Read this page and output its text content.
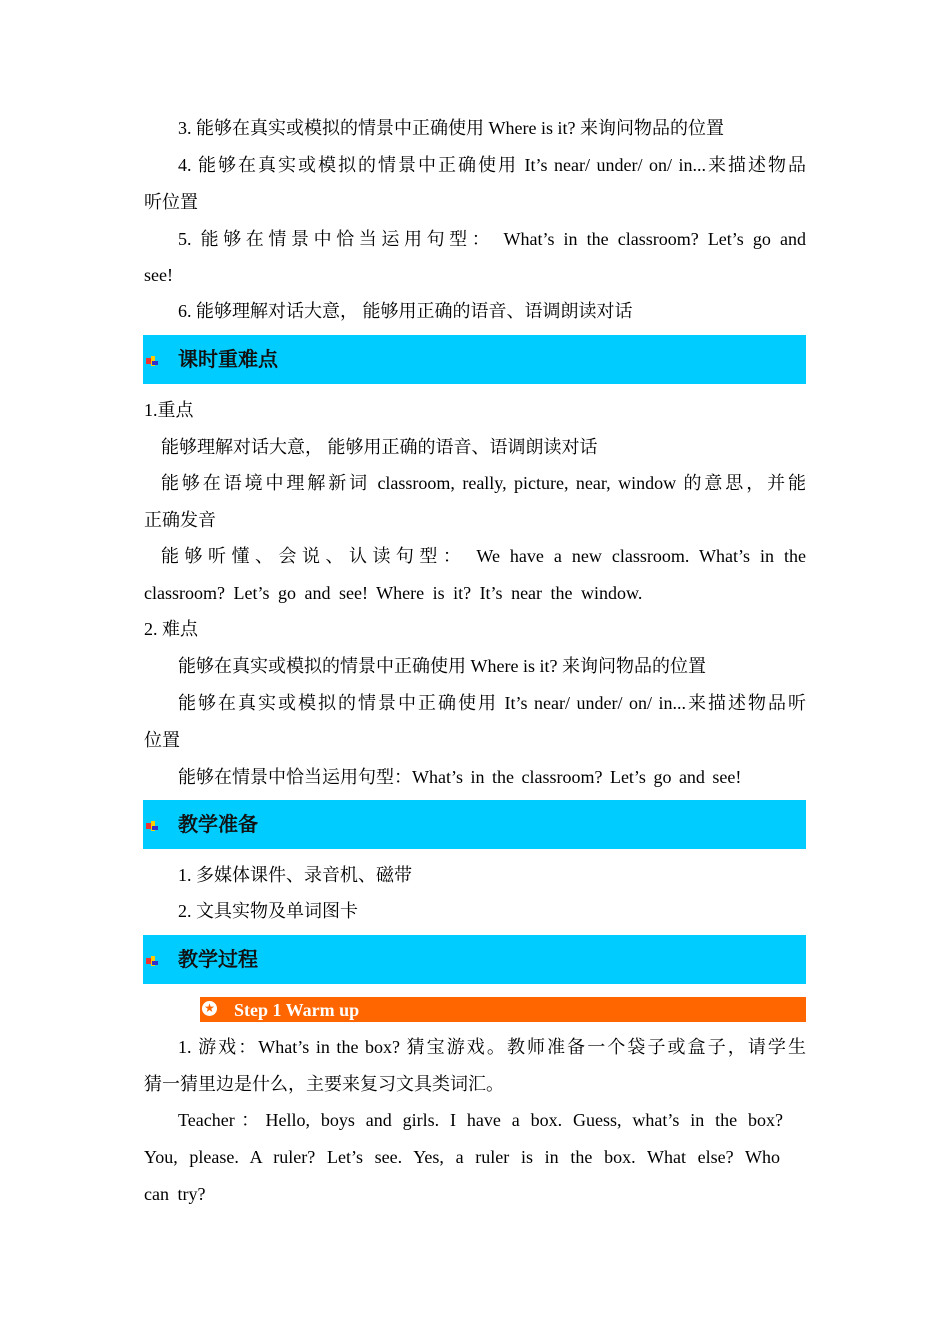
3. 能够在真实或模拟的情景中正确使用 Where is it? 来询问物品的位置
4. 能够在真实或模拟的情景中正确使用 It’s near/ under/ on/ in...来描述物品
听位置
5. 能够在情景中恰当运用句型： What’s in the classroom? Let’s go and
see!
6. 能够理解对话大意， 能够用正确的语音、语调朗读对话
课时重难点
1.重点
能够理解对话大意， 能够用正确的语音、语调朗读对话
能够在语境中理解新词 classroom, really, picture, near, window 的意思，并能
正确发音
能够听懂、会说、认读句型： We have a new classroom. What’s in the
classroom? Let’s go and see! Where is it? It’s near the window.
2. 难点
能够在真实或模拟的情景中正确使用 Where is it? 来询问物品的位置
能够在真实或模拟的情景中正确使用 It’s near/ under/ on/ in...来描述物品听
位置
能够在情景中恰当运用句型：What’s in the classroom? Let’s go and see!
教学准备
1. 多媒体课件、录音机、磁带
2. 文具实物及单词图卡
教学过程
★ Step 1 Warm up
1. 游戏：What’s in the box? 猜宝游戏。教师准备一个袋子或盒子，请学生
猜一猜里边是什么，主要来复习文具类词汇。
Teacher：Hello, boys and girls. I have a box. Guess, what’s in the box?
You, please. A ruler? Let’s see. Yes, a ruler is in the box. What else? Who
can try?
